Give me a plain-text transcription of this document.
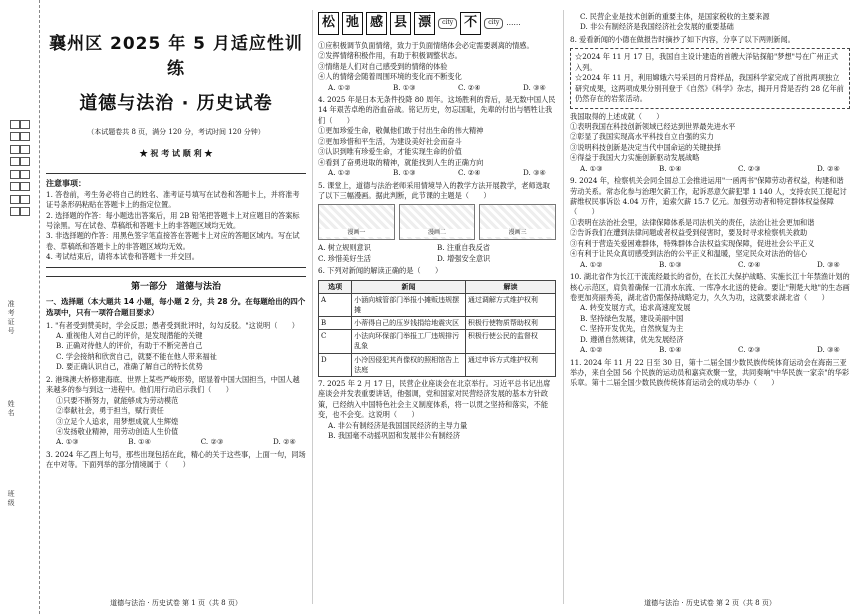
准考证号
姓名
班级
襄州区 2025 年 5 月适应性训练
道德与法治 · 历史试卷
（本试题卷共 8 页，满分 120 分，考试时间 120 分钟）
★ 祝 考 试 顺 利 ★
注意事项：

1. 答卷前，考生务必将自己的姓名、准考证号填写在试卷和答题卡上，并将准考证号条形码粘贴在答题卡上的指定位置。

2. 选择题的作答：每小题选出答案后，用 2B 铅笔把答题卡上对应题目的答案标号涂黑。写在试卷、草稿纸和答题卡上的非答题区域均无效。

3. 非选择题的作答：用黑色签字笔直接答在答题卡上对应的答题区域内。写在试卷、草稿纸和答题卡上的非答题区域均无效。

4. 考试结束后，请将本试卷和答题卡一并交回。

第一部分　道德与法治
一、选择题（本大题共 14 小题，每小题 2 分，共 28 分。在每题给出的四个选项中，只有一项符合题目要求）

1. "有者受到赞美时，学会反思；愚者受到批评时，勾勾反驳。"这说明（　　）

A. 重视他人对自己的评价，是发现潜能的关键

B. 正确对待他人的评价，有助于不断完善自己

C. 学会接纳和欣赏自己，就要不能在他人带来福祉

D. 要正确认识自己，准确了解自己的特长优势

2. 港珠澳大桥修建海底、世界上某些严峻形势，昭显着中国大国担当，中国人越来越多的参与到这一进程中。他们用行动启示我们（　　）

①只要不断努力，就能够成为劳动模范

②奉献社会，勇于担当，赋行责任

③立足个人追求，用梦想成就人生辉煌

④发扬敬业精神，用劳动创造人生价值

A. ①③	B. ①④	C. ②③	D. ②④

3. 2024 年乙酉上句号，那些出现包括在此，精心的关于这些事，上面一句，同场在中对等。下面列举的部分情境属于（　　）

松 弛 感 县 漂	city 不	city ……

①应积极调节负面情绪，致力于负面情绪体会必定需要剥离的情感。

②发挥情绪积极作用，有助于积极调整状态。

③情绪是人们对自己感受到的情绪的体验

④人的情绪会随着周围环境的变化而不断变化

A. ①②	B. ①③	C. ②④	D. ③④

4. 2025 年是日本无条件投降 80 周年。这场胜利的背后，是无数中国人民 14 年艰苦卓绝的浴血奋战。铭记历史，勿忘国耻，先辈的付出与牺牲让我们（　　）

①更加珍爱生命，敬佩他们敢于付出生命的伟大精神

②更加珍惜和平生活，为建设美好社会而奋斗

③认识到唯有珍爱生命，才能实现生命的价值

④看到了奋勇进取的精神，就能找到人生的正确方向

A. ①②	B. ①③	C. ②④	D. ③④

5. 课堂上，道德与法治老师采用情境导入的教学方法开展教学，老师选取了以下三幅漫画。据此判断，此节课的主题是（　　）

漫画一	漫画二	漫画三
A. 树立规则意识	B. 注重自我反省
C. 珍惜美好生活	D. 增强安全意识

6. 下列对新闻的解读正确的是（　　）

选项	新闻	解读
A	小涵向城管部门举报小摊贩违规摆摊	通过调解方式维护权利
B	小蒂得自己的压岁钱捐给地震灾区	积极行使物质帮助权利
C	小法向环保部门举报工厂违规排污乱象	积极行使公民的监督权
D	小冷因侵犯其肖像权的照相馆告上法庭	通过申诉方式维护权利

7. 2025 年 2 月 17 日，民营企业座谈会在北京举行。习近平总书记出席座谈会并发表重要讲话，他强调，党和国家对民营经济发展的基本方针政策，已经纳入中国特色社会主义制度体系，将一以贯之坚持和落实，不能变，也不会变。这说明（　　）

A. 非公有制经济是我国国民经济的主导力量

B. 我国毫不动摇巩固和发展非公有制经济

C. 民营企业是技术创新的重要主体，是国家税收的主要来源

D. 非公有制经济是我国经济社会发展的重要基础

8. 爱看新闻的小德在做报告时摘抄了如下内容，分享了以下两则新闻。

☆2024 年 11 月 17 日，我国自主设计建造的首艘大洋钻探船"梦想"号在广州正式入列。

☆2024 年 11 月，利用嫦娥六号采回的月背样品，我国科学家完成了首批两项独立研究成果，这两项成果分别刊登于《自然》《科学》杂志，揭开月背是否约 28 亿年前仍然存在的岩浆活动。

我国取得的上述成就（　　）

①表明我国在科技创新领域已经达到世界最先进水平

②彰显了我国实现高水平科技自立自强的实力

③说明科技创新是决定当代中国命运的关键抉择

④得益于我国大力实施创新驱动发展战略

A. ①③	B. ①④	C. ②③	D. ②④

9. 2024 年，检察机关会同全国总工会推进运用"一函两书"保障劳动者权益，构建和谐劳动关系。常态化参与治理欠薪工作，起诉恶意欠薪犯罪 1 140 人，支持农民工提起讨薪维权民事诉讼 4.04 万件，追索欠薪 15.7 亿元。加强劳动者和特定群体权益保障（　　）

①表明在法治社会里，法律保障体系是司法机关的责任，法治让社会更加和谐

②告诉我们在遭到法律问题或者权益受到侵害时，要及时寻求检察机关救助

③有利于营造关爱困难群体，特殊群体合法权益实现保障，促进社会公平正义

④有利于让民众真切感受到法治的公平正义和温暖，坚定民众对法治的信心

A. ①②	B. ①③	C. ②④	D. ③④

10. 湖北省作为长江干流流经最长的省份，在长江大保护战略、实施长江十年禁渔计划的核心示范区，肩负着确保一江清水东流、一库净水北送的使命。要让"荆楚大地"的生态画卷更加亮丽秀美，湖北省仍需保持战略定力，久久为功，这就要求湖北省（　　）

A. 转变发展方式，追求高速度发展

B. 坚持绿色发展，建设美丽中国

C. 坚持开发优先，自然恢复为主

D. 遵循自然规律，优先发展经济

A. ①②	B. ①④	C. ②③	D. ③④

11. 2024 年 11 月 22 日至 30 日，第十二届全国少数民族传统体育运动会在海南三亚举办，来自全国 56 个民族的运动员和嘉宾欢聚一堂，共同奏响"中华民族一家亲"的华彩乐章。第十二届全国少数民族传统体育运动会的成功举办（　　）

道德与法治 · 历史试卷 第 1 页（共 8 页）	道德与法治 · 历史试卷 第 2 页（共 8 页）
